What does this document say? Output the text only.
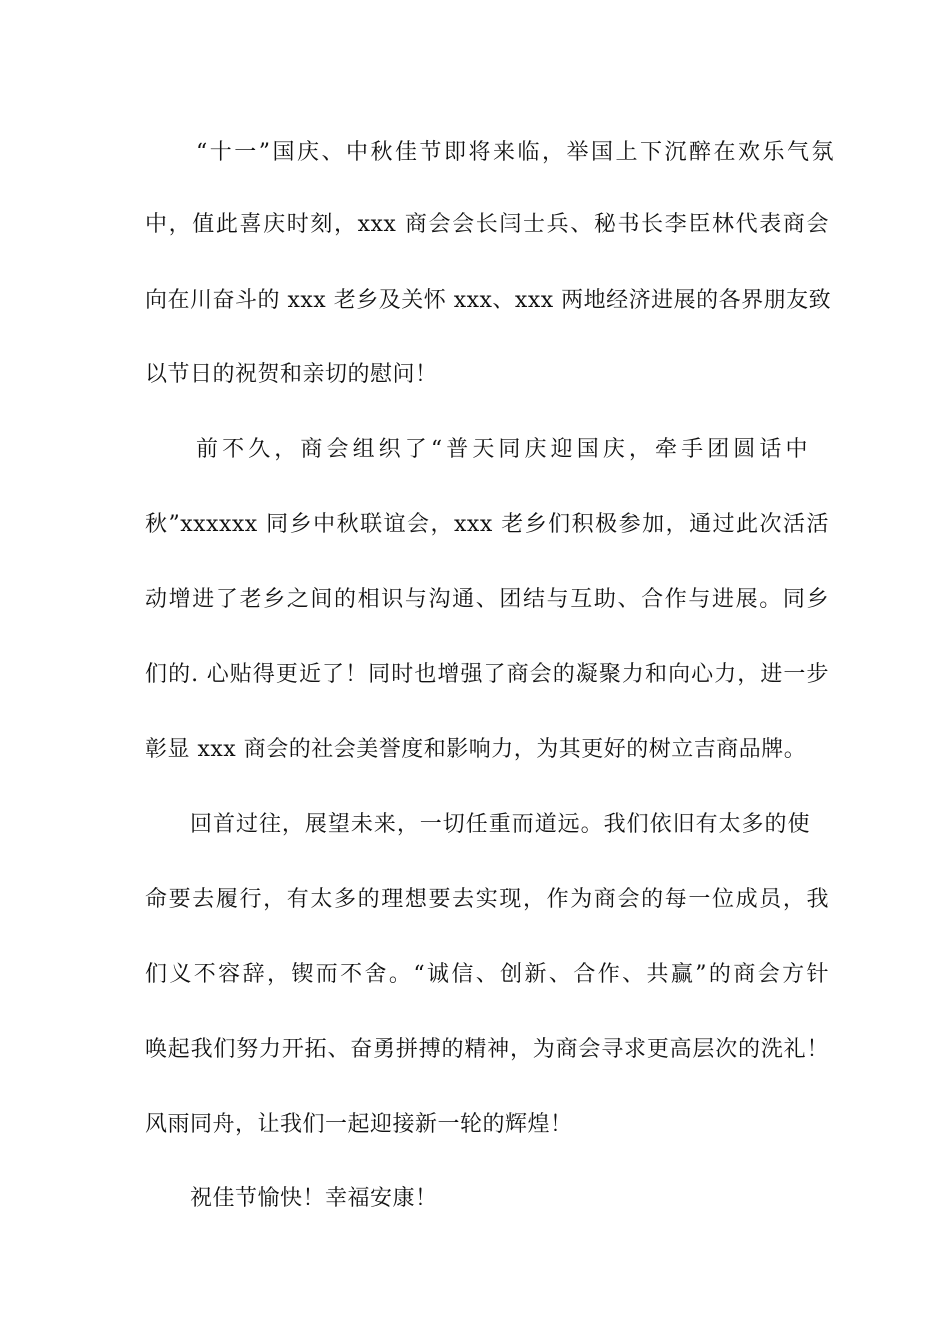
“十一”国庆、中秋佳节即将来临，举国上下沉醉在欢乐气氛
中，值此喜庆时刻，xxx 商会会长闫士兵、秘书长李臣林代表商会
向在川奋斗的 xxx 老乡及关怀 xxx、xxx 两地经济进展的各界朋友致
以节日的祝贺和亲切的慰问！
前不久，商会组织了“普天同庆迎国庆，牵手团圆话中
秋”xxxxxx 同乡中秋联谊会，xxx 老乡们积极参加，通过此次活活
动增进了老乡之间的相识与沟通、团结与互助、合作与进展。同乡
们的. 心贴得更近了！同时也增强了商会的凝聚力和向心力，进一步
彰显 xxx 商会的社会美誉度和影响力，为其更好的树立吉商品牌。
回首过往，展望未来，一切任重而道远。我们依旧有太多的使
命要去履行，有太多的理想要去实现，作为商会的每一位成员，我
们义不容辞，锲而不舍。“诚信、创新、合作、共赢”的商会方针
唤起我们努力开拓、奋勇拼搏的精神，为商会寻求更高层次的洗礼！
风雨同舟，让我们一起迎接新一轮的辉煌！
祝佳节愉快！幸福安康！
